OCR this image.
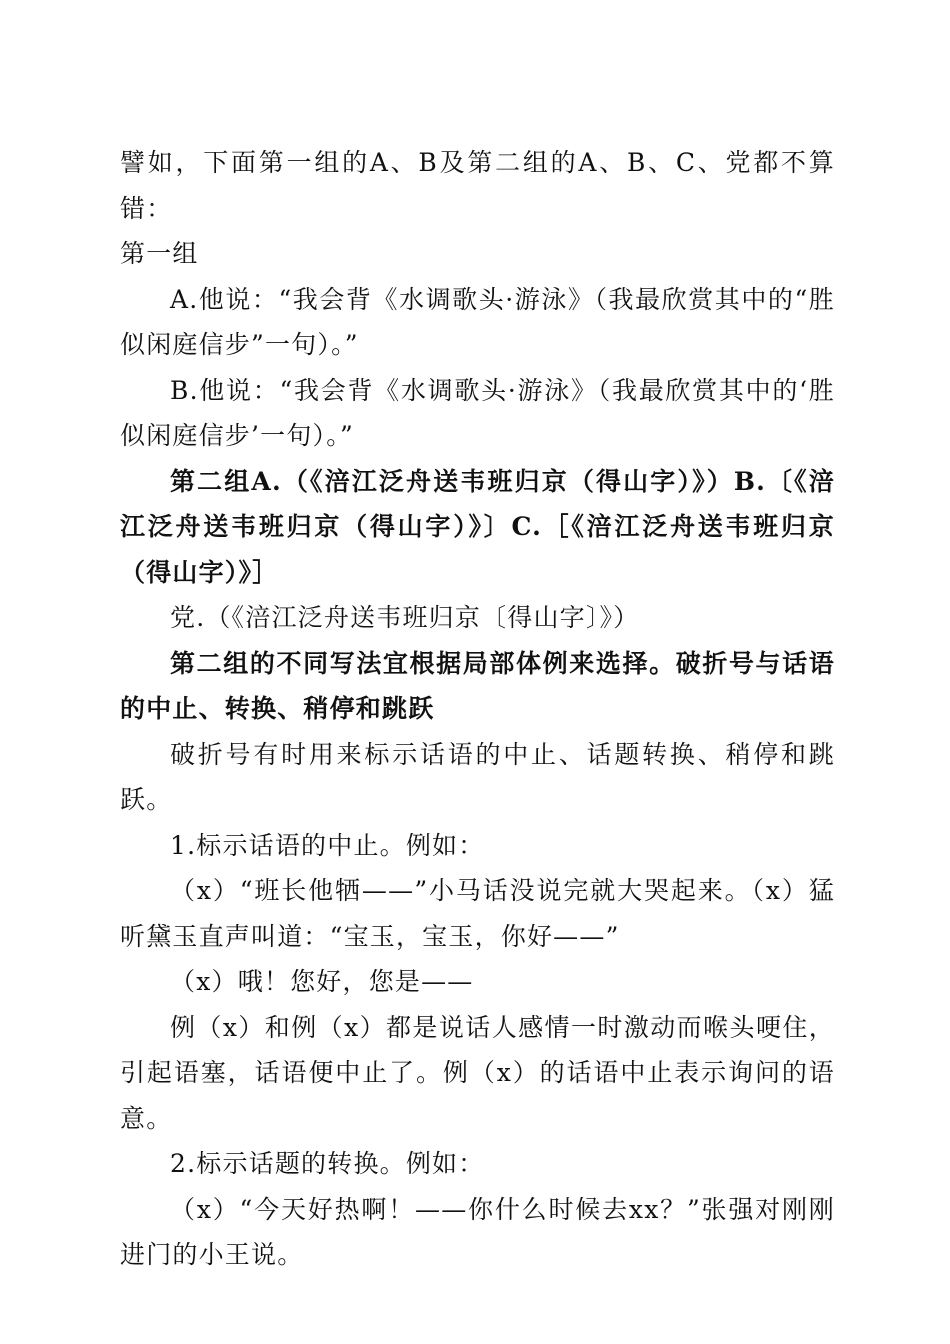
譬如，下面第一组的A、B及第二组的A、B、C、党都不算错：

第一组

A.他说：“我会背《水调歌头·游泳》（我最欣赏其中的“胜似闲庭信步”一句）。”

B.他说：“我会背《水调歌头·游泳》（我最欣赏其中的‘胜似闲庭信步’一句）。”

第二组A.（《涪江泛舟送韦班归京（得山字）》）B.〔《涪江泛舟送韦班归京（得山字）》〕C.［《涪江泛舟送韦班归京（得山字）》］

党.（《涪江泛舟送韦班归京〔得山字〕》）

第二组的不同写法宜根据局部体例来选择。破折号与话语的中止、转换、稍停和跳跃

破折号有时用来标示话语的中止、话题转换、稍停和跳跃。

1.标示话语的中止。例如：

（x）“班长他牺——”小马话没说完就大哭起来。（x）猛听黛玉直声叫道：“宝玉，宝玉，你好——”

（x）哦！您好，您是——

例（x）和例（x）都是说话人感情一时激动而喉头哽住，引起语塞，话语便中止了。例（x）的话语中止表示询问的语意。

2.标示话题的转换。例如：

（x）“今天好热啊！——你什么时候去xx？”张强对刚刚进门的小王说。
